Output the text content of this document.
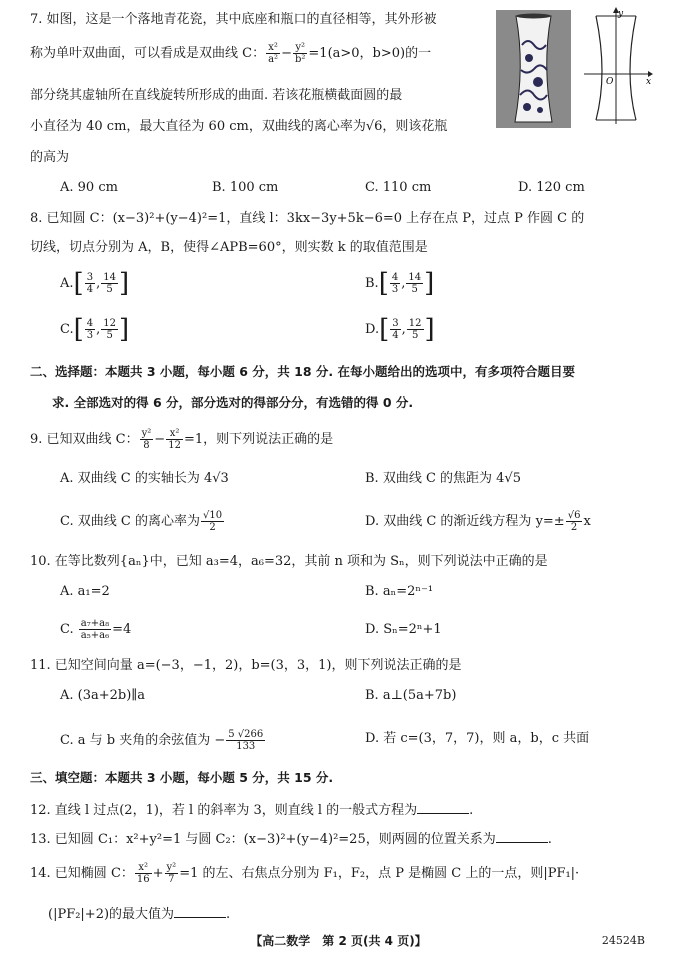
7. 如图，这是一个落地青花瓷，其中底座和瓶口的直径相等，其外形被
称为单叶双曲面，可以看成是双曲线 C： $\frac{\text{x²}}{\text{a²}} - \frac{\text{y²}}{\text{b²}} =1(a>0$，b>0)的一
部分绕其虚轴所在直线旋转所形成的曲面. 若该花瓶横截面圆的最
小直径为 40 cm，最大直径为 60 cm，双曲线的离心率为√6，则该花瓶
的高为
y
x
O
A. 90 cm	B. 100 cm	C. 110 cm	D. 120 cm
8. 已知圆 C：(x−3)²+(y−4)²=1，直线 l：3kx−3y+5k−6=0 上存在点 P，过点 P 作圆 C 的
切线，切点分别为 A，B，使得∠APB=60°，则实数 k 的取值范围是
$A.[ \frac{3}{4}$ , $\frac{14}{5}$ ]	$B.[ \frac{4}{3}$ , $\frac{14}{5}$ ]
$C.[ \frac{4}{3}$ , $\frac{12}{5}$ ]	$D.[ \frac{3}{4}$ , $\frac{12}{5}$ ]
二、选择题：本题共 3 小题，每小题 6 分，共 18 分. 在每小题给出的选项中，有多项符合题目要
求. 全部选对的得 6 分，部分选对的得部分分，有选错的得 0 分.
9. 已知双曲线 C： $\frac{\text{y²}}{8} - \frac{\text{x²}}{12} =1$，则下列说法正确的是
A. 双曲线 C 的实轴长为 4√3	B. 双曲线 C 的焦距为 4√5
C. 双曲线 C 的离心率为 $\frac{√10}{2}$	D. 双曲线 C 的渐近线方程为 $y=\pm \frac{√6}{2}$ x
10. 在等比数列{aₙ}中，已知 a₃=4，a₆=32，其前 n 项和为 Sₙ，则下列说法中正确的是
A. a₁=2	B. aₙ=2ⁿ⁻¹
C. $\frac{\text{a₇+a₈}}{\text{a₅+a₆}} =4$	D. Sₙ=2ⁿ+1
11. 已知空间向量 a=(−3，−1，2)，b=(3，3，1)，则下列说法正确的是
A. (3a+2b)∥a	B. a⊥(5a+7b)
C. a 与 b 夹角的余弦值为 − $\frac{5 √266}{133}$	D. 若 c=(3，7，7)，则 a，b，c 共面
三、填空题：本题共 3 小题，每小题 5 分，共 15 分.
12. 直线 l 过点(2，1)，若 l 的斜率为 3，则直线 l 的一般式方程为	.
13. 已知圆 C₁：x²+y²=1 与圆 C₂：(x−3)²+(y−4)²=25，则两圆的位置关系为	.
14. 已知椭圆 C： $\frac{\text{x²}}{16} + \frac{\text{y²}}{7} =1$ 的左、右焦点分别为 F₁，F₂，点 P 是椭圆 C 上的一点，则|PF₁|·
(|PF₂|+2)的最大值为	.
【高二数学　第 2 页(共 4 页)】	24524B
